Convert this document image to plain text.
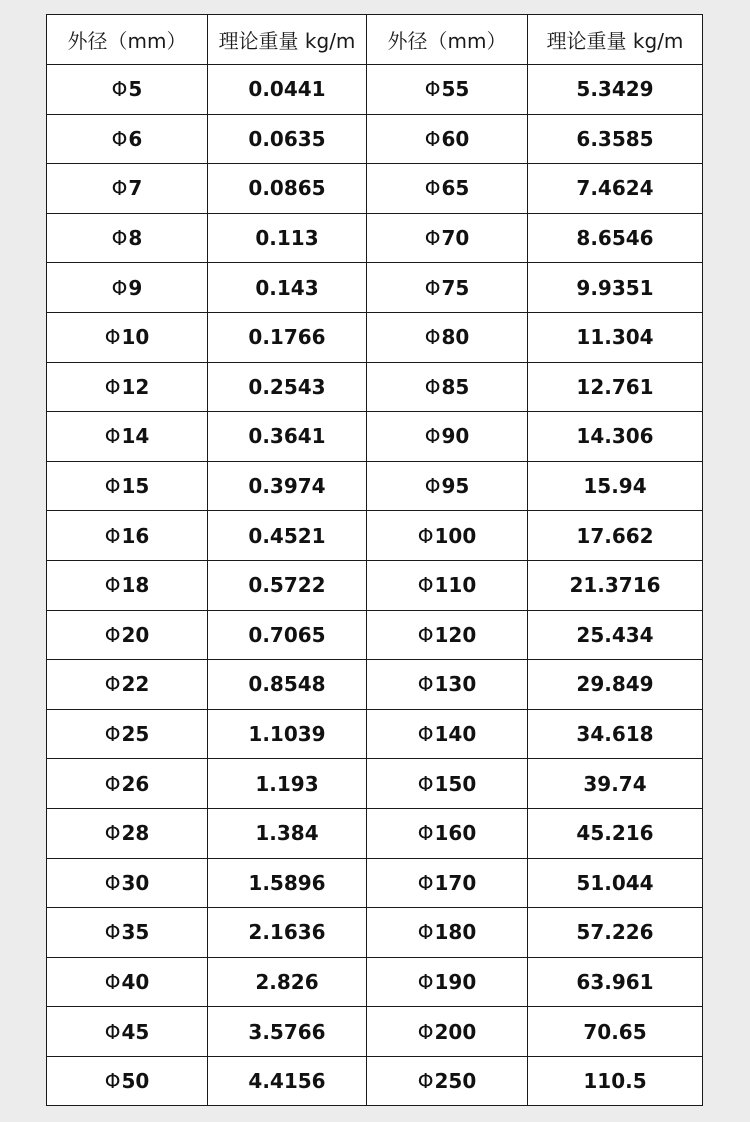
外径（mm）	理论重量 kg/m	外径（mm）	理论重量 kg/m
Φ5	0.0441	Φ55	5.3429
Φ6	0.0635	Φ60	6.3585
Φ7	0.0865	Φ65	7.4624
Φ8	0.113	Φ70	8.6546
Φ9	0.143	Φ75	9.9351
Φ10	0.1766	Φ80	11.304
Φ12	0.2543	Φ85	12.761
Φ14	0.3641	Φ90	14.306
Φ15	0.3974	Φ95	15.94
Φ16	0.4521	Φ100	17.662
Φ18	0.5722	Φ110	21.3716
Φ20	0.7065	Φ120	25.434
Φ22	0.8548	Φ130	29.849
Φ25	1.1039	Φ140	34.618
Φ26	1.193	Φ150	39.74
Φ28	1.384	Φ160	45.216
Φ30	1.5896	Φ170	51.044
Φ35	2.1636	Φ180	57.226
Φ40	2.826	Φ190	63.961
Φ45	3.5766	Φ200	70.65
Φ50	4.4156	Φ250	110.5
